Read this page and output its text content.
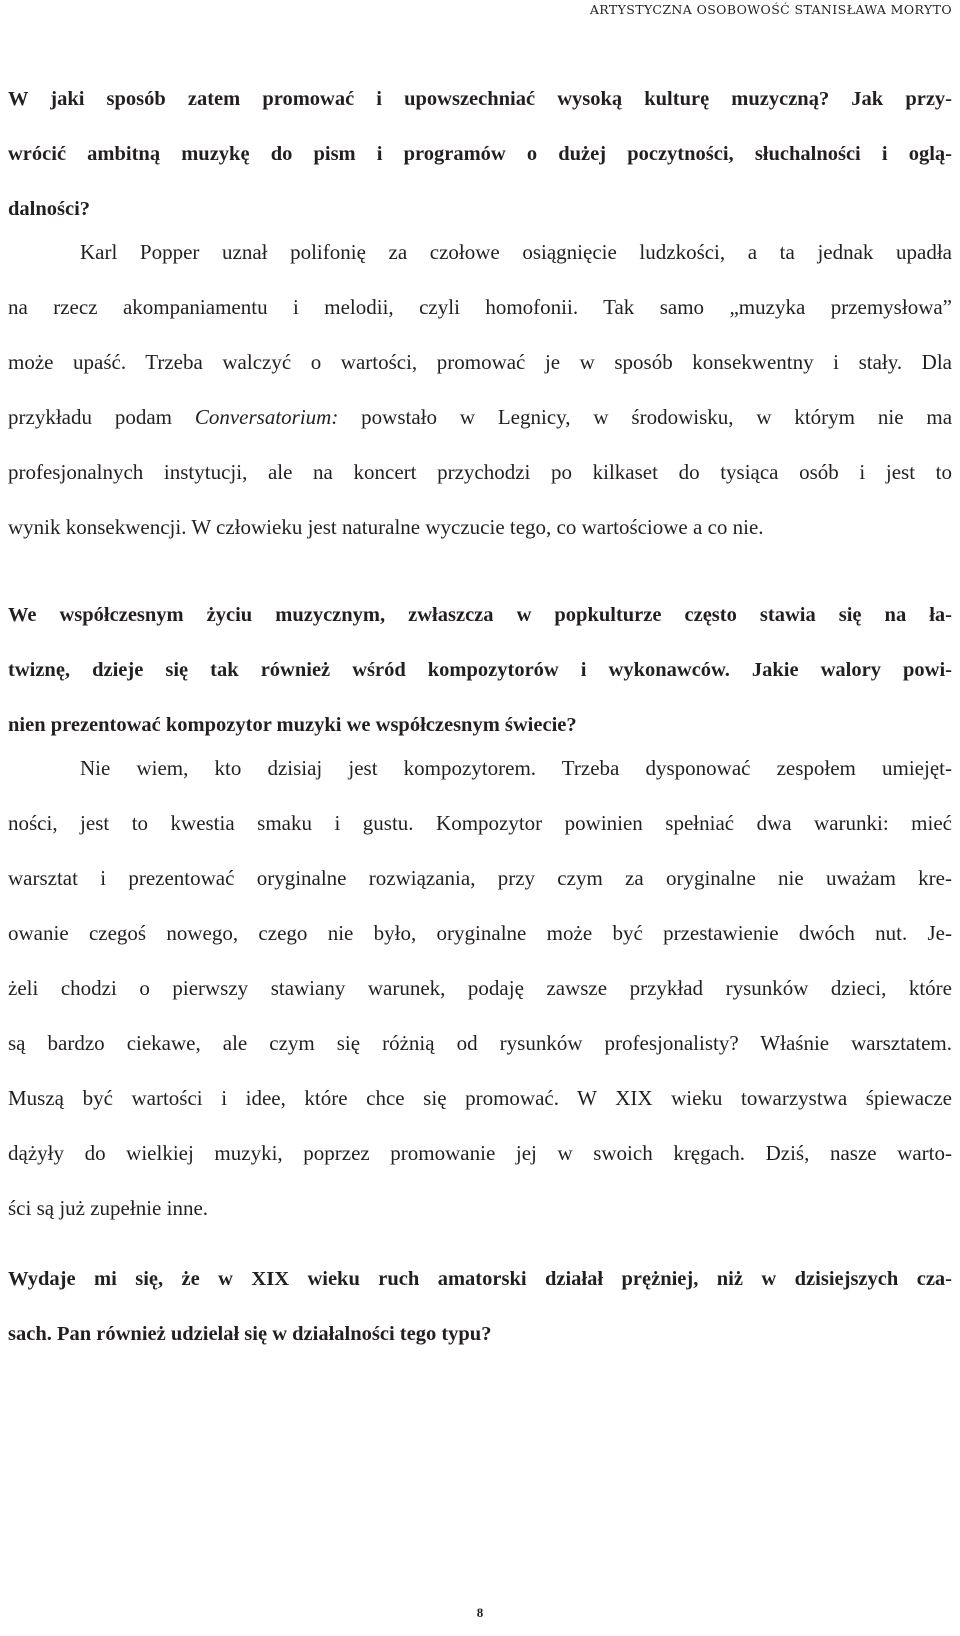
ARTYSTYCZNA OSOBOWOŚĆ STANISŁAWA MORYTO
W jaki sposób zatem promować i upowszechniać wysoką kulturę muzyczną? Jak przy-
wrócić ambitną muzykę do pism i programów o dużej poczytności, słuchalności i oglą-
dalności?
Karl Popper uznał polifonię za czołowe osiągnięcie ludzkości, a ta jednak upadła
na rzecz akompaniamentu i melodii, czyli homofonii. Tak samo „muzyka przemysłowa”
może upaść. Trzeba walczyć o wartości, promować je w sposób konsekwentny i stały. Dla
przykładu podam Conversatorium: powstało w Legnicy, w środowisku, w którym nie ma
profesjonalnych instytucji, ale na koncert przychodzi po kilkaset do tysiąca osób i jest to
wynik konsekwencji. W człowieku jest naturalne wyczucie tego, co wartościowe a co nie.
We współczesnym życiu muzycznym, zwłaszcza w popkulturze często stawia się na ła-
twiznę, dzieje się tak również wśród kompozytorów i wykonawców. Jakie walory powi-
nien prezentować kompozytor muzyki we współczesnym świecie?
Nie wiem, kto dzisiaj jest kompozytorem. Trzeba dysponować zespołem umiejęt-
ności, jest to kwestia smaku i gustu. Kompozytor powinien spełniać dwa warunki: mieć
warsztat i prezentować oryginalne rozwiązania, przy czym za oryginalne nie uważam kre-
owanie czegoś nowego, czego nie było, oryginalne może być przestawienie dwóch nut. Je-
żeli chodzi o pierwszy stawiany warunek, podaję zawsze przykład rysunków dzieci, które
są bardzo ciekawe, ale czym się różnią od rysunków profesjonalisty? Właśnie warsztatem.
Muszą być wartości i idee, które chce się promować. W XIX wieku towarzystwa śpiewacze
dążyły do wielkiej muzyki, poprzez promowanie jej w swoich kręgach. Dziś, nasze warto-
ści są już zupełnie inne.
Wydaje mi się, że w XIX wieku ruch amatorski działał prężniej, niż w dzisiejszych cza-
sach. Pan również udzielał się w działalności tego typu?
8
